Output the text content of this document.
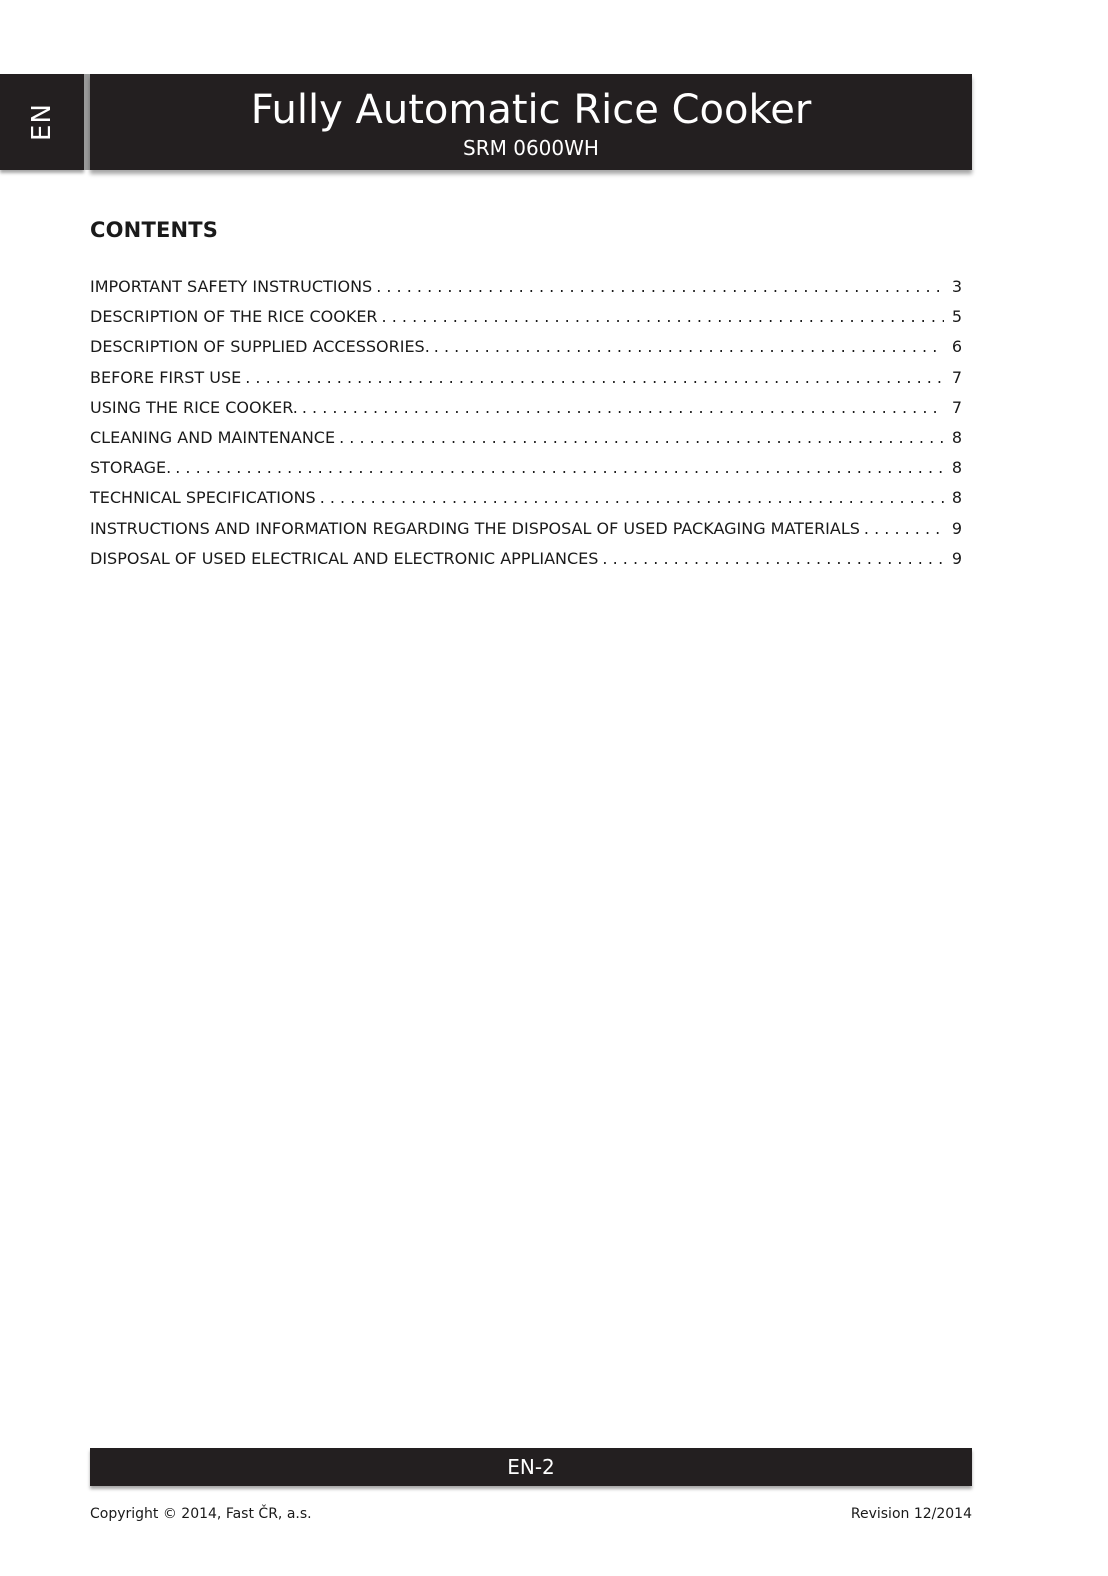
EN	Fully Automatic Rice Cooker
SRM 0600WH
CONTENTS
IMPORTANT SAFETY INSTRUCTIONS . . .	3
DESCRIPTION OF THE RICE COOKER . . .	5
DESCRIPTION OF SUPPLIED ACCESSORIES. . . .	6
BEFORE FIRST USE . . .	7
USING THE RICE COOKER. . . .	7
CLEANING AND MAINTENANCE . . .	8
STORAGE. . . .	8
TECHNICAL SPECIFICATIONS . . .	8
INSTRUCTIONS AND INFORMATION REGARDING THE DISPOSAL OF USED PACKAGING MATERIALS . . .	9
DISPOSAL OF USED ELECTRICAL AND ELECTRONIC APPLIANCES . . .	9
EN-2
Copyright © 2014, Fast ČR, a.s.	Revision 12/2014
